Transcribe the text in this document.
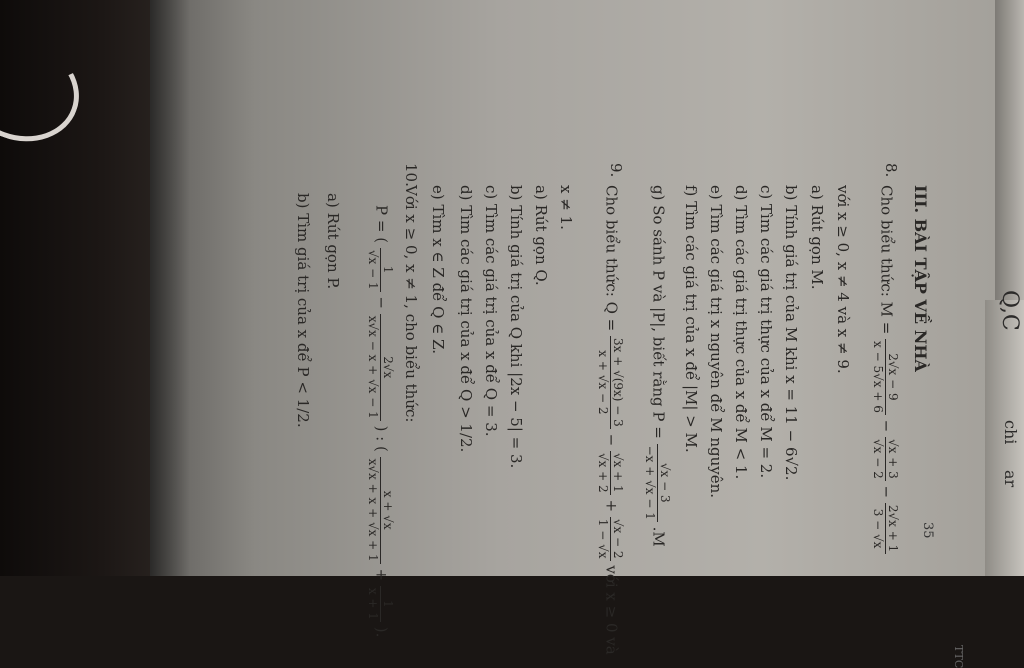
Q,C
chi
ar
III. BÀI TẬP VỀ NHÀ
TTC
8.
Cho biểu thức: M =
2√x − 9
x − 5√x + 6
−
√x + 3
√x − 2
−
2√x + 1
3 − √x
với x ≥ 0, x ≠ 4 và x ≠ 9.
a) Rút gọn M.
b) Tính giá trị của M khi x = 11 − 6√2.
c) Tìm các giá trị thực của x để M = 2.
d) Tìm các giá trị thực của x để M < 1.
e) Tìm các giá trị x nguyên để M nguyên.
f) Tìm các giá trị của x để |M| > M.
g) So sánh P và |P|, biết rằng P =
√x − 3
−x + √x − 1
.M
9.
Cho biểu thức: Q =
3x + √(9x) − 3
x + √x − 2
−
√x + 1
√x + 2
+
√x − 2
1 − √x
với x ≥ 0 và
x ≠ 1.
a) Rút gọn Q.
b) Tính giá trị của Q khi |2x − 5| = 3.
c) Tìm các giá trị của x để Q = 3.
d) Tìm các giá trị của x để Q > 1/2.
e) Tìm x ∈ Z để Q ∈ Z.
10.
Với x ≥ 0, x ≠ 1, cho biểu thức:
P = (
1
√x − 1
−
2√x
x√x − x + √x − 1
) : (
x + √x
x√x + x + √x + 1
+
1
x + 1
).
a) Rút gọn P.
b) Tìm giá trị của x để P < 1/2.
35
